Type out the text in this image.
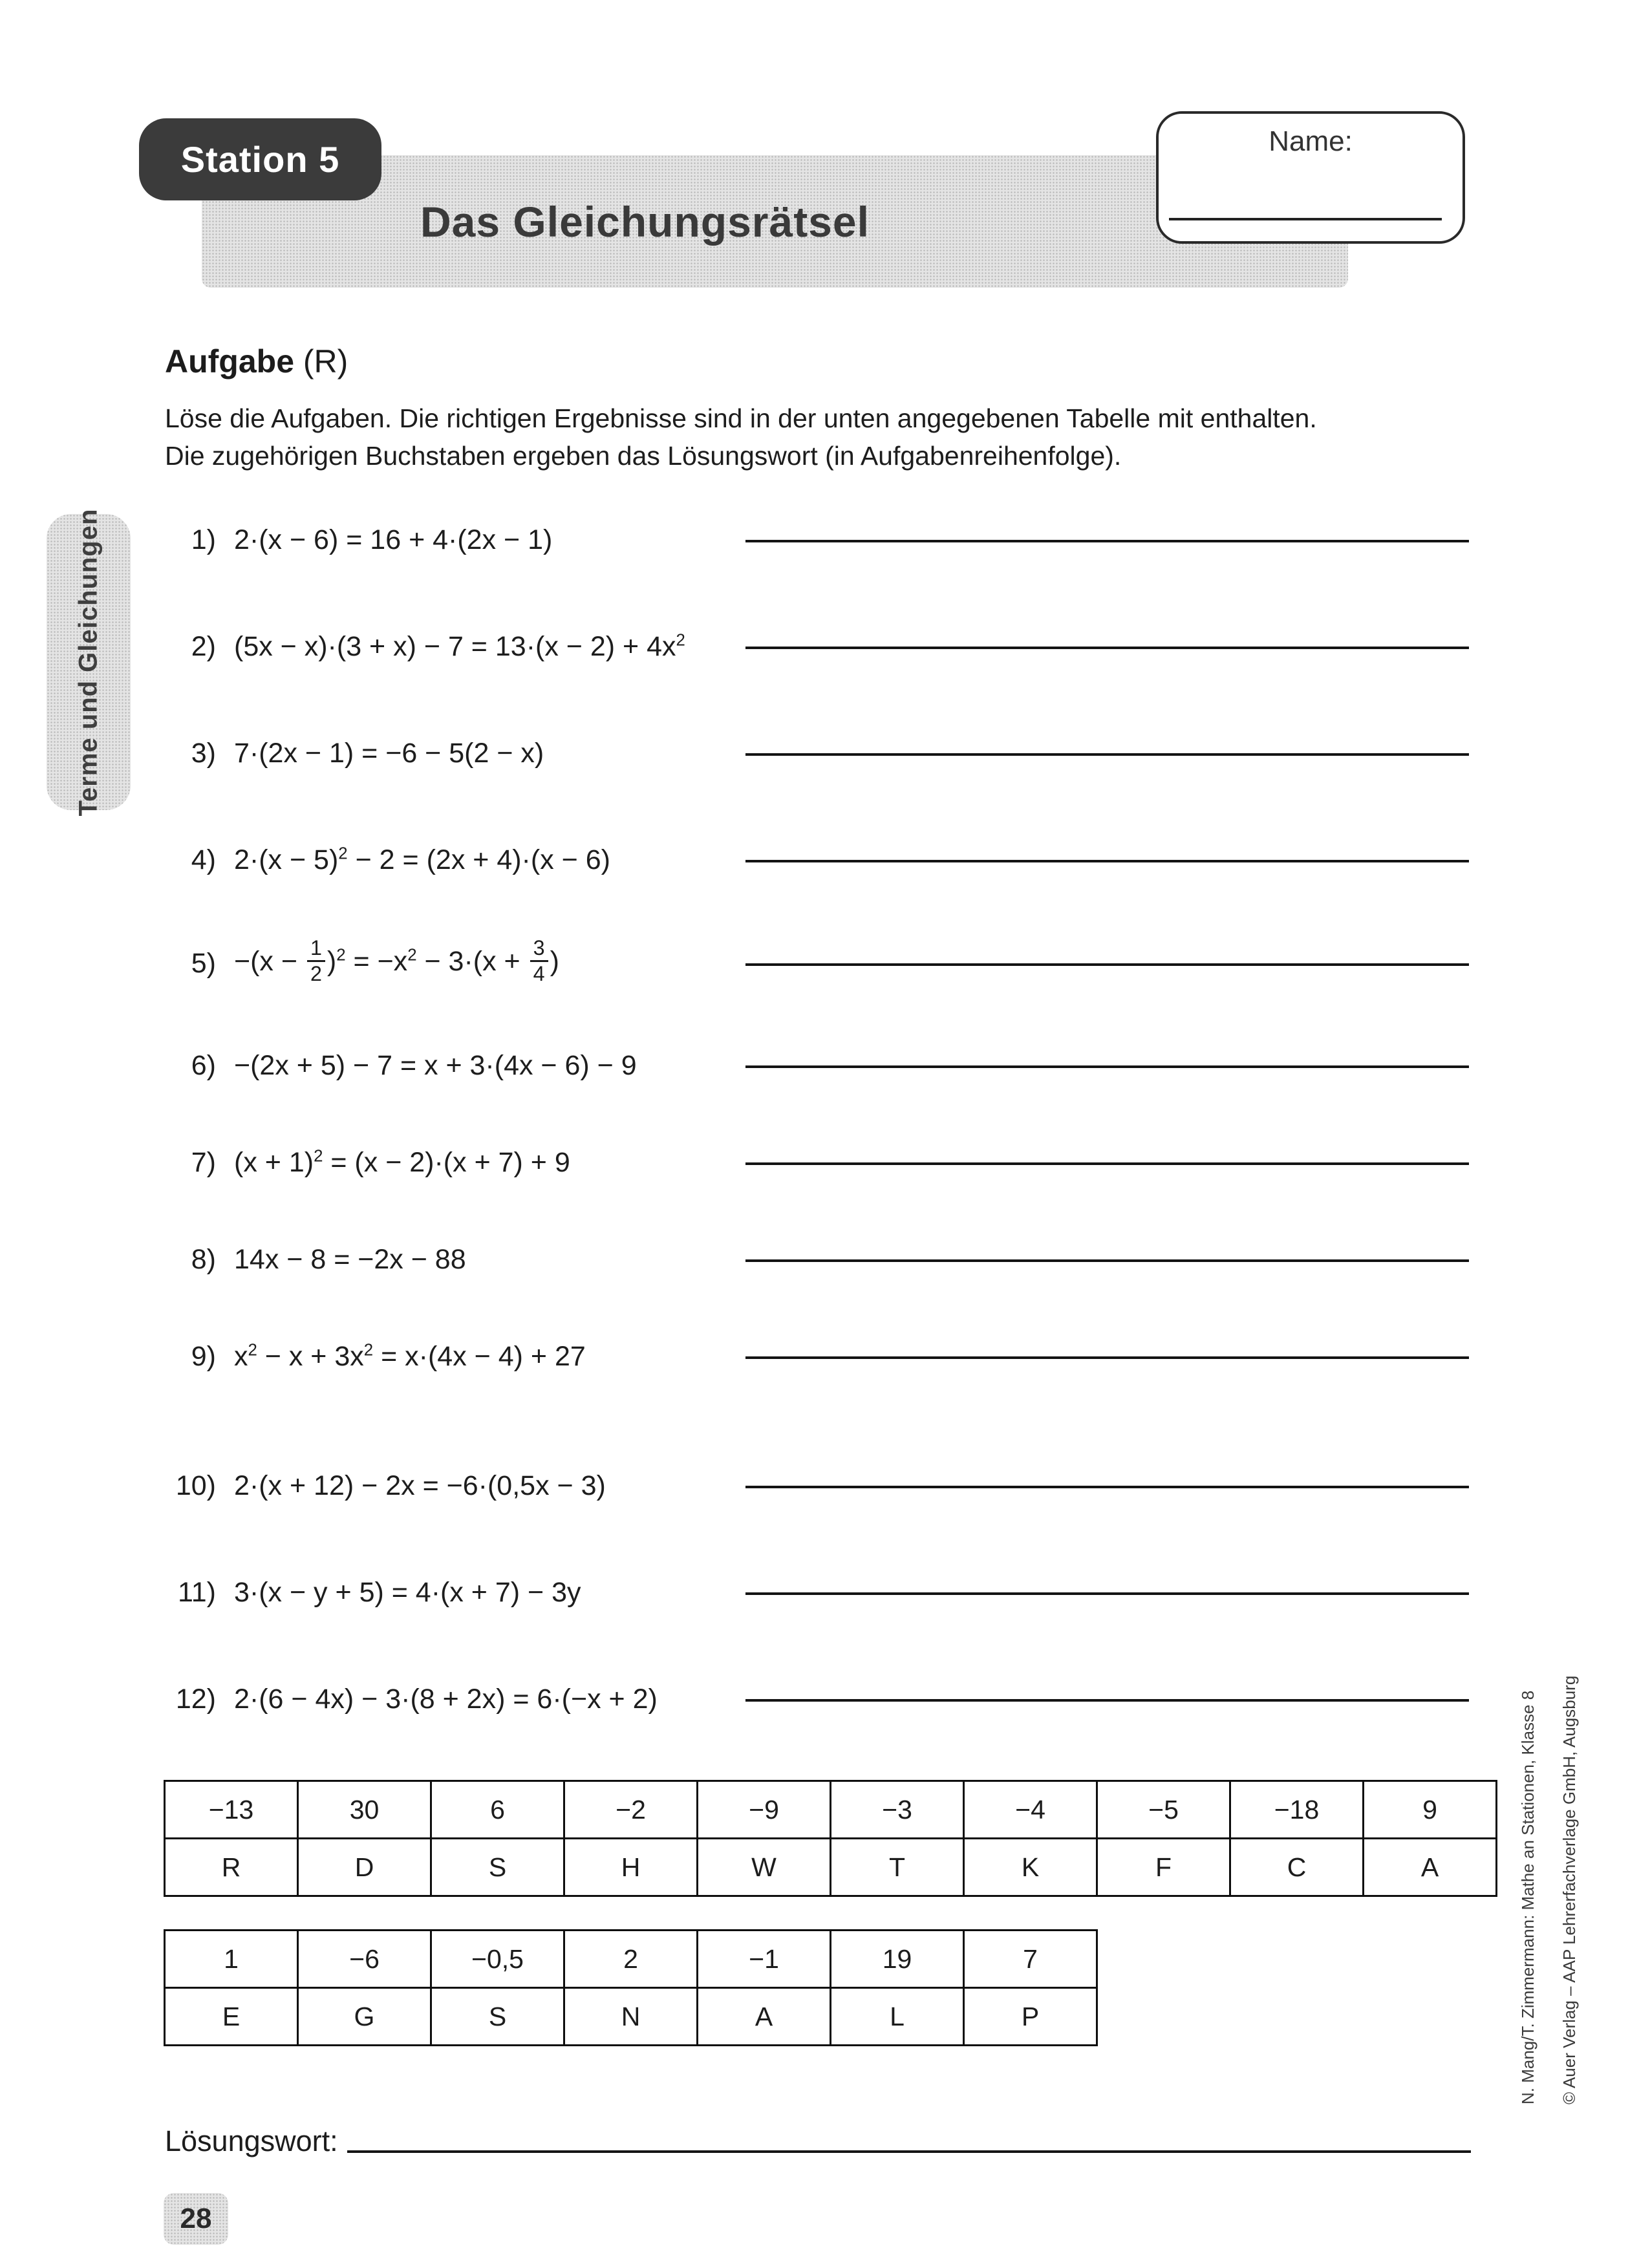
Das Gleichungsrätsel
Station 5	Name:
Terme und Gleichungen
Aufgabe (R)
Löse die Aufgaben. Die richtigen Ergebnisse sind in der unten angegebenen Tabelle mit enthalten.
Die zugehörigen Buchstaben ergeben das Lösungswort (in Aufgabenreihenfolge).
1) 2·(x − 6) = 16 + 4·(2x − 1)
2) $(5x - x)\cdot(3 + x) - 7 = 13\cdot(x - 2) + 4x^2$
3) 7·(2x − 1) = −6 − 5(2 − x)
4) $2\cdot(x - 5)^2 - 2 = (2x + 4)\cdot(x - 6)$
$5) -(x - \frac{1}{2} )^2 = -x^2 - 3\cdot(x + \frac{3}{4}$ )
6) −(2x + 5) − 7 = x + 3·(4x − 6) − 9
7) $(x + 1)^2 = (x - 2)\cdot(x + 7) + 9$
8) 14x − 8 = −2x − 88
9) $x^2 - x + 3x^2 = x\cdot(4x - 4) + 27$
10) 2·(x + 12) − 2x = −6·(0,5x − 3)
11) 3·(x − y + 5) = 4·(x + 7) − 3y
12) 2·(6 − 4x) − 3·(8 + 2x) = 6·(−x + 2)
−13	30	6	−2	−9	−3	−4	−5	−18	9
R	D	S	H	W	T	K	F	C	A
1	−6	−0,5	2	−1	19	7
E	G	S	N	A	L	P
Lösungswort:
28
N. Mang/T. Zimmermann: Mathe an Stationen, Klasse 8 © Auer Verlag – AAP Lehrerfachverlage GmbH, Augsburg
